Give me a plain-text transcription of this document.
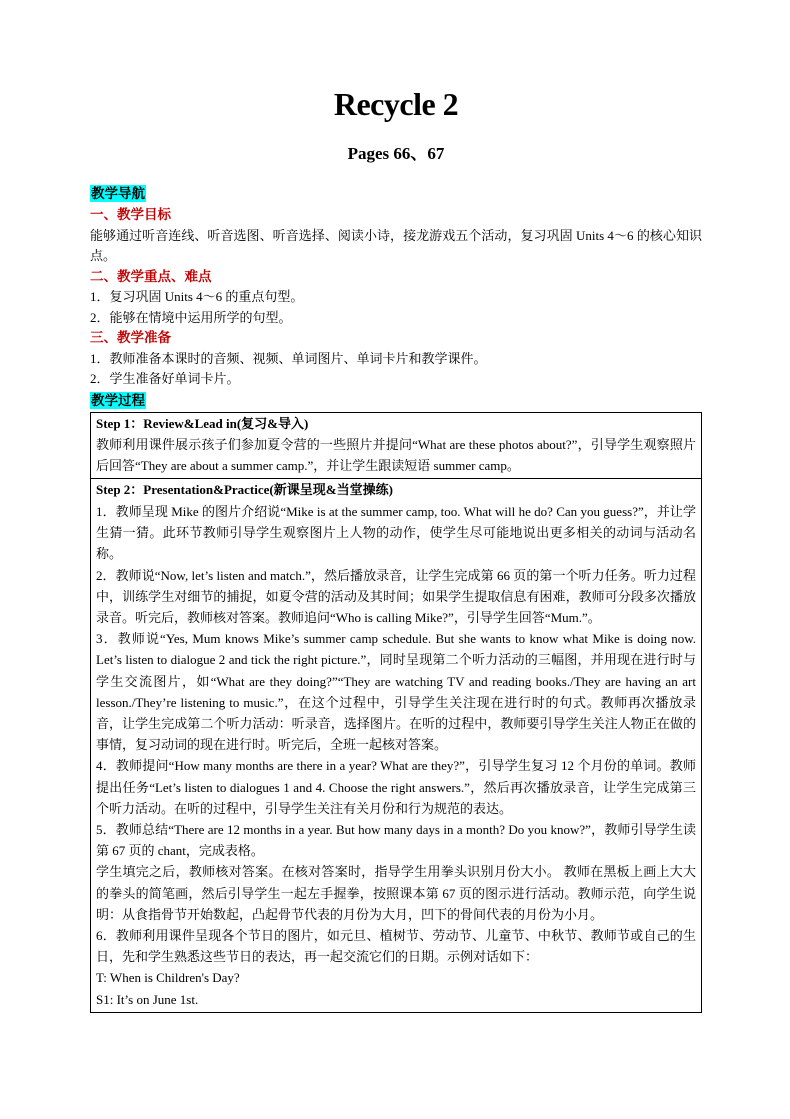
Recycle 2
Pages 66、67
教学导航
一、教学目标

能够通过听音连线、听音选图、听音选择、阅读小诗，接龙游戏五个活动，复习巩固 Units 4～6 的核心知识点。

二、教学重点、难点

1．复习巩固 Units 4～6 的重点句型。

2．能够在情境中运用所学的句型。

三、教学准备

1．教师准备本课时的音频、视频、单词图片、单词卡片和教学课件。

2．学生准备好单词卡片。

教学过程

Step 1：Review&Lead in(复习&导入)

教师利用课件展示孩子们参加夏令营的一些照片并提问“What are these photos about?”，引导学生观察照片后回答“They are about a summer camp.”，并让学生跟读短语 summer camp。

Step 2：Presentation&Practice(新课呈现&当堂操练)

1．教师呈现 Mike 的图片介绍说“Mike is at the summer camp, too. What will he do? Can you guess?”，并让学生猜一猜。此环节教师引导学生观察图片上人物的动作，使学生尽可能地说出更多相关的动词与活动名称。

2．教师说“Now, let’s listen and match.”，然后播放录音，让学生完成第 66 页的第一个听力任务。听力过程中，训练学生对细节的捕捉，如夏令营的活动及其时间；如果学生提取信息有困难，教师可分段多次播放录音。听完后，教师核对答案。教师追问“Who is calling Mike?”，引导学生回答“Mum.”。

3．教师说“Yes, Mum knows Mike’s summer camp schedule. But she wants to know what Mike is doing now. Let’s listen to dialogue 2 and tick the right picture.”，同时呈现第二个听力活动的三幅图，并用现在进行时与学生交流图片，如“What are they doing?”“They are watching TV and reading books./They are having an art lesson./They’re listening to music.”，在这个过程中，引导学生关注现在进行时的句式。教师再次播放录音，让学生完成第二个听力活动：听录音，选择图片。在听的过程中，教师要引导学生关注人物正在做的事情，复习动词的现在进行时。听完后，全班一起核对答案。

4．教师提问“How many months are there in a year? What are they?”，引导学生复习 12 个月份的单词。教师提出任务“Let’s listen to dialogues 1 and 4. Choose the right answers.”，然后再次播放录音，让学生完成第三个听力活动。在听的过程中，引导学生关注有关月份和行为规范的表达。

5．教师总结“There are 12 months in a year. But how many days in a month? Do you know?”，教师引导学生读第 67 页的 chant，完成表格。

学生填完之后，教师核对答案。在核对答案时，指导学生用拳头识别月份大小。 教师在黑板上画上大大的拳头的简笔画，然后引导学生一起左手握拳，按照课本第 67 页的图示进行活动。教师示范，向学生说明：从食指骨节开始数起，凸起骨节代表的月份为大月，凹下的骨间代表的月份为小月。

6．教师利用课件呈现各个节日的图片，如元旦、植树节、劳动节、儿童节、中秋节、教师节或自己的生日，先和学生熟悉这些节日的表达，再一起交流它们的日期。示例对话如下：

T: When is Children's Day?

S1: It’s on June 1st.
